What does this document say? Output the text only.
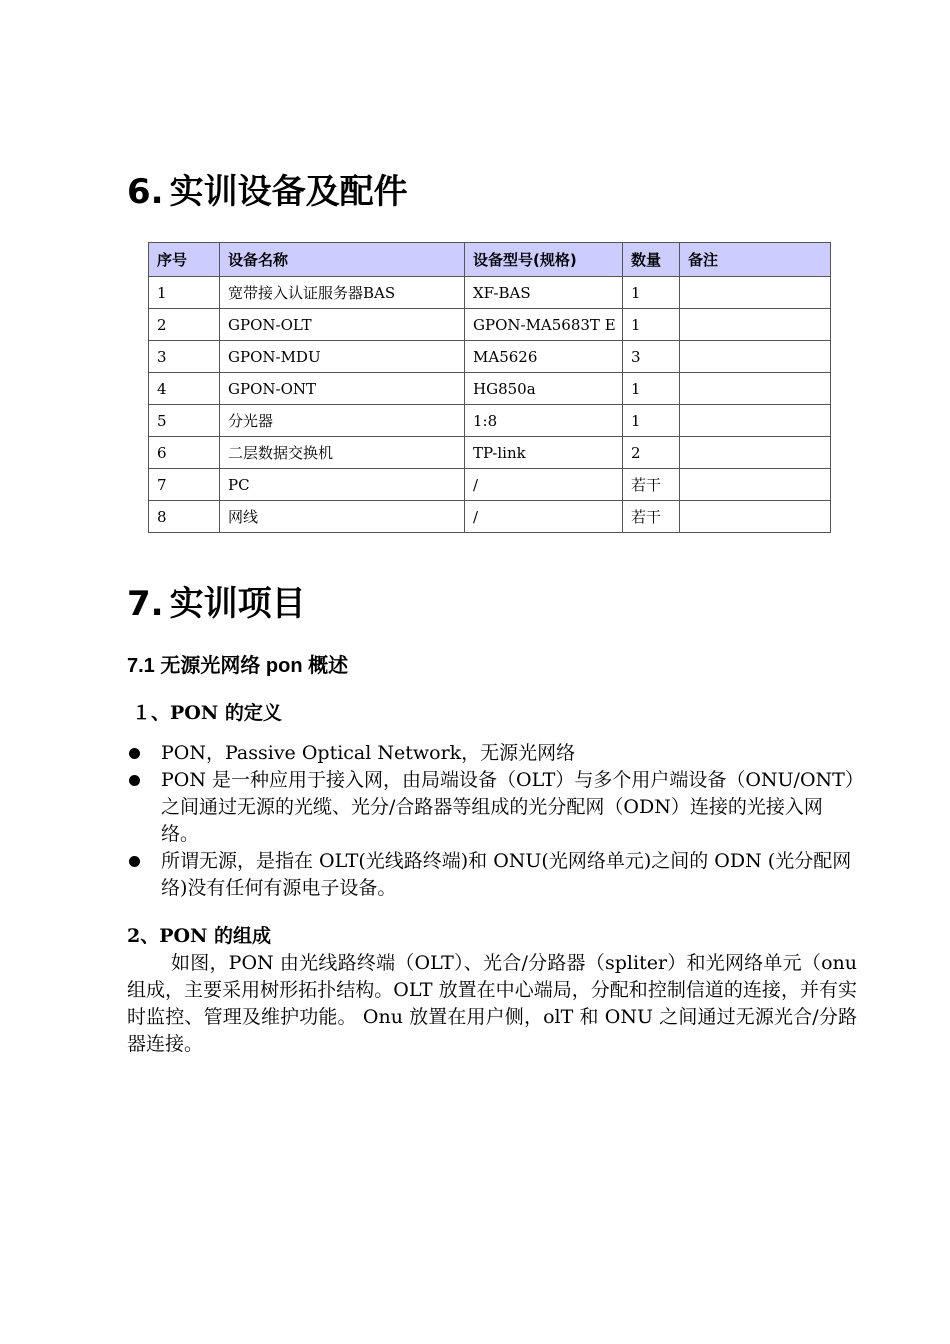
6. 实训设备及配件
序号	设备名称	设备型号(规格)	数量	备注
1	宽带接入认证服务器BAS	XF-BAS	1	
2	GPON-OLT	GPON-MA5683T E	1	
3	GPON-MDU	MA5626	3	
4	GPON-ONT	HG850a	1	
5	分光器	1:8	1	
6	二层数据交换机	TP-link	2	
7	PC	/	若干	
8	网线	/	若干	
7. 实训项目
7.1 无源光网络 pon 概述
１、PON 的定义
PON，Passive Optical Network，无源光网络
PON 是一种应用于接入网，由局端设备（OLT）与多个用户端设备（ONU/ONT）之间通过无源的光缆、光分/合路器等组成的光分配网（ODN）连接的光接入网络。
所谓无源，是指在 OLT(光线路终端)和 ONU(光网络单元)之间的 ODN (光分配网络)没有任何有源电子设备。
2、PON 的组成

如图，PON 由光线路终端（OLT）、光合/分路器（spliter）和光网络单元（onu 组成，主要采用树形拓扑结构。OLT 放置在中心端局，分配和控制信道的连接，并有实时监控、管理及维护功能。 Onu 放置在用户侧，olT 和 ONU 之间通过无源光合/分路器连接。
